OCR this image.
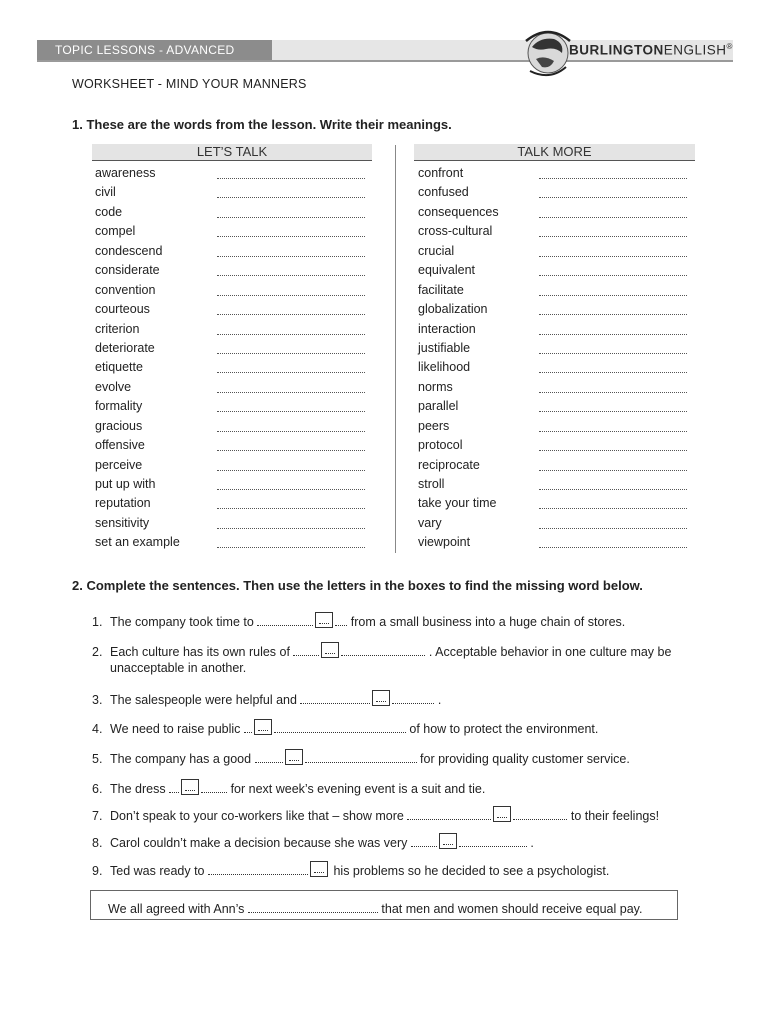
TOPIC LESSONS - ADVANCED	BURLINGTONENGLISH®
WORKSHEET - MIND YOUR MANNERS
1. These are the words from the lesson. Write their meanings.
LET’S TALK	TALK MORE
awareness
civil
code
compel
condescend
considerate
convention
courteous
criterion
deteriorate
etiquette
evolve
formality
gracious
offensive
perceive
put up with
reputation
sensitivity
set an example
confront
confused
consequences
cross-cultural
crucial
equivalent
facilitate
globalization
interaction
justifiable
likelihood
norms
parallel
peers
protocol
reciprocate
stroll
take your time
vary
viewpoint
2. Complete the sentences. Then use the letters in the boxes to find the missing word below.
1. The company took time to	from a small business into a huge chain of stores.
2. Each culture has its own rules of	. Acceptable behavior in one culture may be
unacceptable in another.
3. The salespeople were helpful and	.
4. We need to raise public	of how to protect the environment.
5. The company has a good	for providing quality customer service.
6. The dress	for next week’s evening event is a suit and tie.
7. Don’t speak to your co-workers like that – show more	to their feelings!
8. Carol couldn’t make a decision because she was very	.
9. Ted was ready to	his problems so he decided to see a psychologist.
We all agreed with Ann’s	that men and women should receive equal pay.
